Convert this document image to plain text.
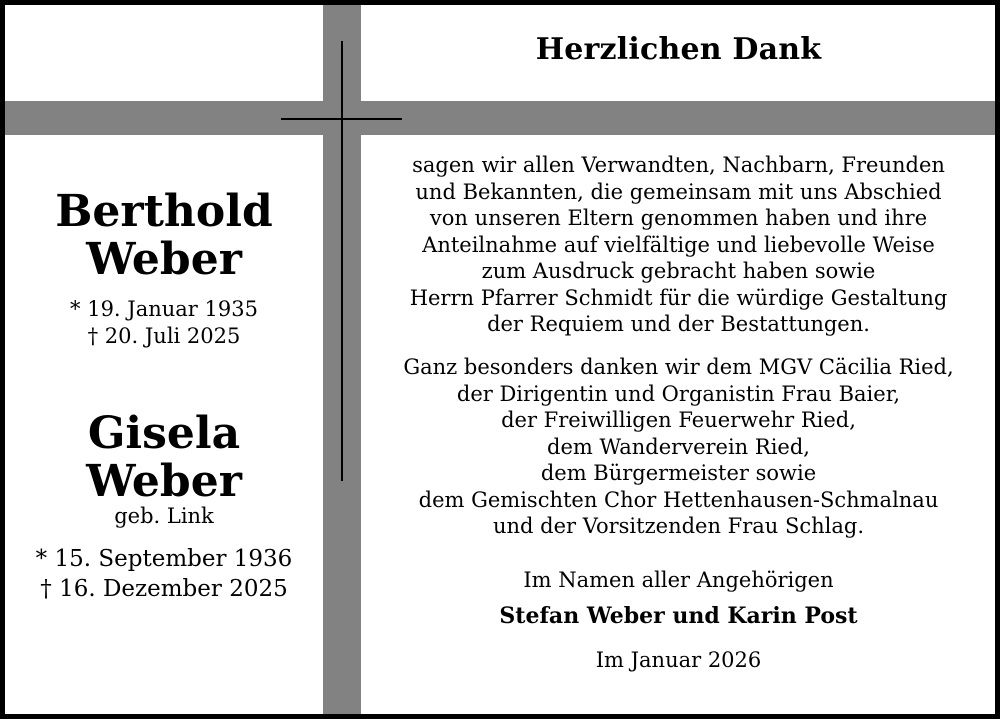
Herzlichen Dank
Berthold
Weber
* 19. Januar 1935
† 20. Juli 2025
Gisela
Weber
geb. Link
* 15. September 1936
† 16. Dezember 2025
sagen wir allen Verwandten, Nachbarn, Freunden
und Bekannten, die gemeinsam mit uns Abschied
von unseren Eltern genommen haben und ihre
Anteilnahme auf vielfältige und liebevolle Weise
zum Ausdruck gebracht haben sowie
Herrn Pfarrer Schmidt für die würdige Gestaltung
der Requiem und der Bestattungen.
Ganz besonders danken wir dem MGV Cäcilia Ried,
der Dirigentin und Organistin Frau Baier,
der Freiwilligen Feuerwehr Ried,
dem Wanderverein Ried,
dem Bürgermeister sowie
dem Gemischten Chor Hettenhausen-Schmalnau
und der Vorsitzenden Frau Schlag.
Im Namen aller Angehörigen
Stefan Weber und Karin Post
Im Januar 2026
